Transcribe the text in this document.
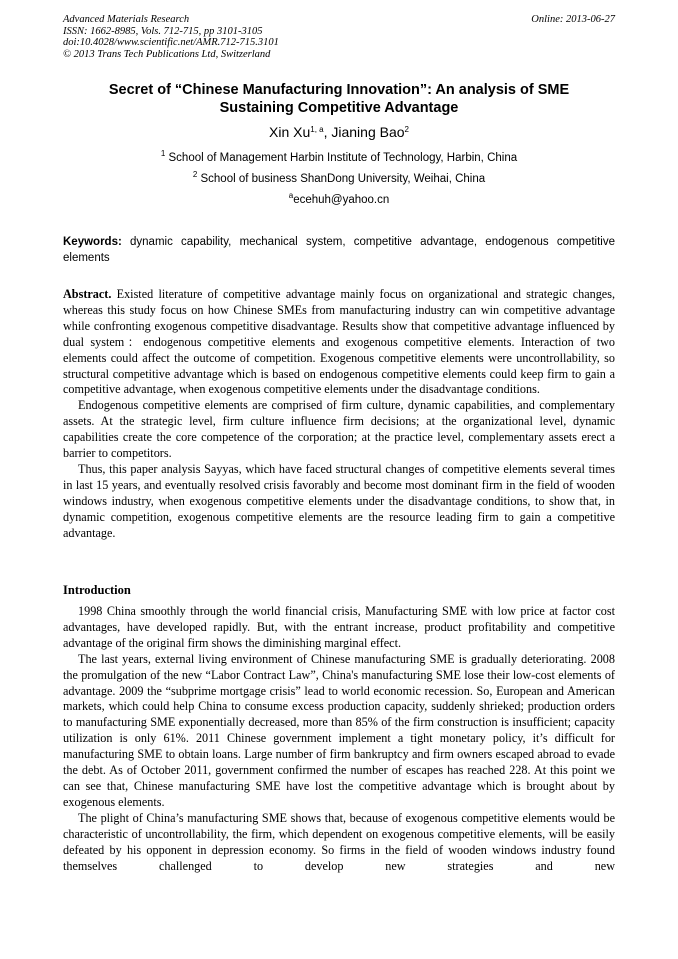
Advanced Materials Research
ISSN: 1662-8985, Vols. 712-715, pp 3101-3105
doi:10.4028/www.scientific.net/AMR.712-715.3101
© 2013 Trans Tech Publications Ltd, Switzerland
Online: 2013-06-27
Secret of “Chinese Manufacturing Innovation”: An analysis of SME
Sustaining Competitive Advantage
Xin Xu$^{1, a}$, Jianing Bao$^2$
$^1$ School of Management Harbin Institute of Technology, Harbin, China
$^2$ School of business ShanDong University, Weihai, China
$^a$ecehuh@yahoo.cn
Keywords: dynamic capability, mechanical system, competitive advantage, endogenous competitive elements

Abstract. Existed literature of competitive advantage mainly focus on organizational and strategic changes, whereas this study focus on how Chinese SMEs from manufacturing industry can win competitive advantage while confronting exogenous competitive disadvantage. Results show that competitive advantage influenced by dual system：endogenous competitive elements and exogenous competitive elements. Interaction of two elements could affect the outcome of competition. Exogenous competitive elements were uncontrollability, so structural competitive advantage which is based on endogenous competitive elements could keep firm to gain a competitive advantage, when exogenous competitive elements under the disadvantage conditions.

Endogenous competitive elements are comprised of firm culture, dynamic capabilities, and complementary assets. At the strategic level, firm culture influence firm decisions; at the organizational level, dynamic capabilities create the core competence of the corporation; at the practice level, complementary assets erect a barrier to competitors.

Thus, this paper analysis Sayyas, which have faced structural changes of competitive elements several times in last 15 years, and eventually resolved crisis favorably and become most dominant firm in the field of wooden windows industry, when exogenous competitive elements under the disadvantage conditions, to show that, in dynamic competition, exogenous competitive elements are the resource leading firm to gain a competitive advantage.

Introduction

1998 China smoothly through the world financial crisis, Manufacturing SME with low price at factor cost advantages, have developed rapidly. But, with the entrant increase, product profitability and competitive advantage of the original firm shows the diminishing marginal effect.

The last years, external living environment of Chinese manufacturing SME is gradually deteriorating. 2008 the promulgation of the new “Labor Contract Law”, China's manufacturing SME lose their low-cost elements of advantage. 2009 the “subprime mortgage crisis” lead to world economic recession. So, European and American markets, which could help China to consume excess production capacity, suddenly shrieked; production orders to manufacturing SME exponentially decreased, more than 85% of the firm construction is insufficient; capacity utilization is only 61%. 2011 Chinese government implement a tight monetary policy, it’s difficult for manufacturing SME to obtain loans. Large number of firm bankruptcy and firm owners escaped abroad to evade the debt. As of October 2011, government confirmed the number of escapes has reached 228. At this point we can see that, Chinese manufacturing SME have lost the competitive advantage which is brought about by exogenous elements.

The plight of China’s manufacturing SME shows that, because of exogenous competitive elements would be characteristic of uncontrollability, the firm, which dependent on exogenous competitive elements, will be easily defeated by his opponent in depression economy. So firms in the field of wooden windows industry found themselves challenged to develop new strategies and new
